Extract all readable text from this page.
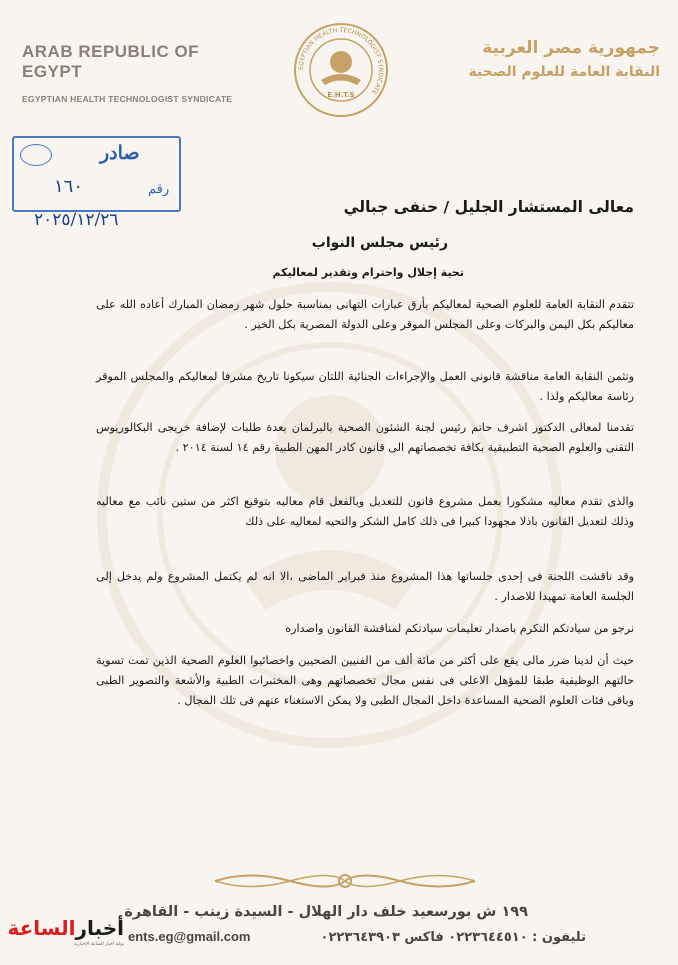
ARAB REPUBLIC OF EGYPT
EGYPTIAN HEALTH TECHNOLOGIST SYNDICATE
EGYPTIAN HEALTH TECHNOLOGIST SYNDICATE
E.H.T.S
جمهورية مصر العربية
النقابة العامة للعلوم الصحية
صادر
رقم
١٦٠
٢٠٢٥/١٢/٢٦
معالى المستشار الجليل / حنفى جبالي
رئيس مجلس النواب
تحية إجلال واحترام وتقدير لمعاليكم
تتقدم النقابة العامة للعلوم الصحية لمعاليكم بأرق عبارات التهانى بمناسبة حلول شهر رمضان المبارك أعاده الله على معاليكم بكل اليمن والبركات وعلى المجلس الموقر وعلى الدولة المصرية بكل الخير .
وتثمن النقابة العامة مناقشة قانونى العمل والإجراءات الجنائية اللتان سيكونا تاريخ مشرفا لمعاليكم والمجلس الموقر رئاسة معاليكم ولذا .
تقدمنا لمعالى الدكتور اشرف حاتم رئيس لجنة الشئون الصحية بالبرلمان بعدة طلبات لإضافة خريجى البكالوريوس التقنى والعلوم الصحية التطبيقية بكافة تخصصاتهم الى قانون كادر المهن الطبية رقم ١٤ لسنة ٢٠١٤ .
والذى تقدم معاليه مشكورا بعمل مشروع قانون للتعديل وبالفعل قام معاليه بتوقيع اكثر من ستين نائب مع معاليه وذلك لتعديل القانون باذلا مجهودا كبيرا فى ذلك كامل الشكر والتحيه لمعاليه على ذلك
وقد ناقشت اللجنة فى إحدى جلساتها هذا المشروع منذ فبراير الماضى ،الا انه لم يكتمل المشروع ولم يدخل إلى الجلسة العامة تمهيدا للاصدار .
نرجو من سيادتكم التكرم باصدار تعليمات سيادتكم لمناقشة القانون واصداره
حيث أن لدينا ضرر مالى يقع على أكثر من مائة ألف من الفنيين الصحيين واخصائيوا العلوم الصحية الذين تمت تسوية حالتهم الوظيفية طبقا للمؤهل الاعلى فى نفس مجال تخصصاتهم وهى المختبرات الطبية والأشعة والتصوير الطبى وباقى فئات العلوم الصحية المساعدة داخل المجال الطبى ولا يمكن الاستغناء عنهم فى تلك المجال .
١٩٩ ش بورسعيد خلف دار الهلال - السيدة زينب - القاهرة
ents.eg@gmail.com	تليفون : ٠٢٢٣٦٤٤٥١٠ فاكس ٠٢٢٣٦٤٣٩٠٣
أخبارالساعة
بوابة أخبار الساعة الإخبارية
